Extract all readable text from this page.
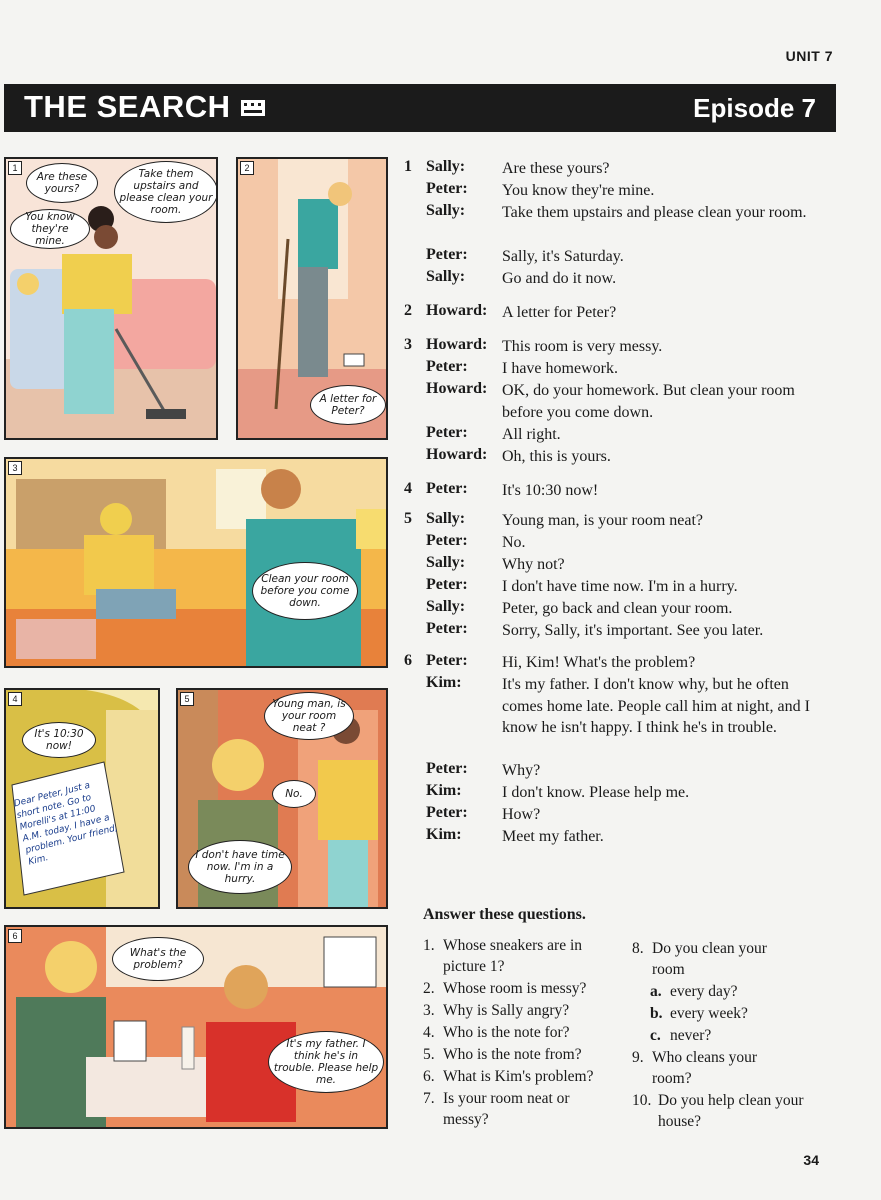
UNIT 7
THE SEARCH	Episode 7
1
Are these yours?
Take them upstairs and please clean your room.
You know they're mine.
2
A letter for Peter?
3
Clean your room before you come down.
4
It's 10:30 now!
Dear Peter, Just a short note. Go to Morelli's at 11:00 A.M. today. I have a problem. Your friend, Kim.
5	Young man, is your room neat ?
No.
I don't have time now. I'm in a hurry.
6
What's the problem?
It's my father. I think he's in trouble. Please help me.
1 Sally: Are these yours?
Peter: You know they're mine.
Sally: Take them upstairs and please clean your room.
Peter: Sally, it's Saturday.
Sally: Go and do it now.
2 Howard: A letter for Peter?
3 Howard: This room is very messy.
Peter: I have homework.
Howard: OK, do your homework. But clean your room before you come down.
Peter: All right.
Howard: Oh, this is yours.
4 Peter: It's 10:30 now!
5 Sally: Young man, is your room neat?
Peter: No.
Sally: Why not?
Peter: I don't have time now. I'm in a hurry.
Sally: Peter, go back and clean your room.
Peter: Sorry, Sally, it's important. See you later.
6 Peter: Hi, Kim! What's the problem?
Kim:	It's my father. I don't know why, but he often comes home late. People call him at night, and I know he isn't happy. I think he's in trouble.
Peter: Why?
Kim:	I don't know. Please help me.
Peter: How?
Kim:	Meet my father.
Answer these questions.
1. Whose sneakers are in
picture 1?
2. Whose room is messy?
3. Why is Sally angry?
4. Who is the note for?
5. Who is the note from?
6. What is Kim's problem?
7. Is your room neat or
messy?
8. Do you clean your
room
a. every day?
b. every week?
c. never?
9. Who cleans your
room?
10. Do you help clean your
house?
34
